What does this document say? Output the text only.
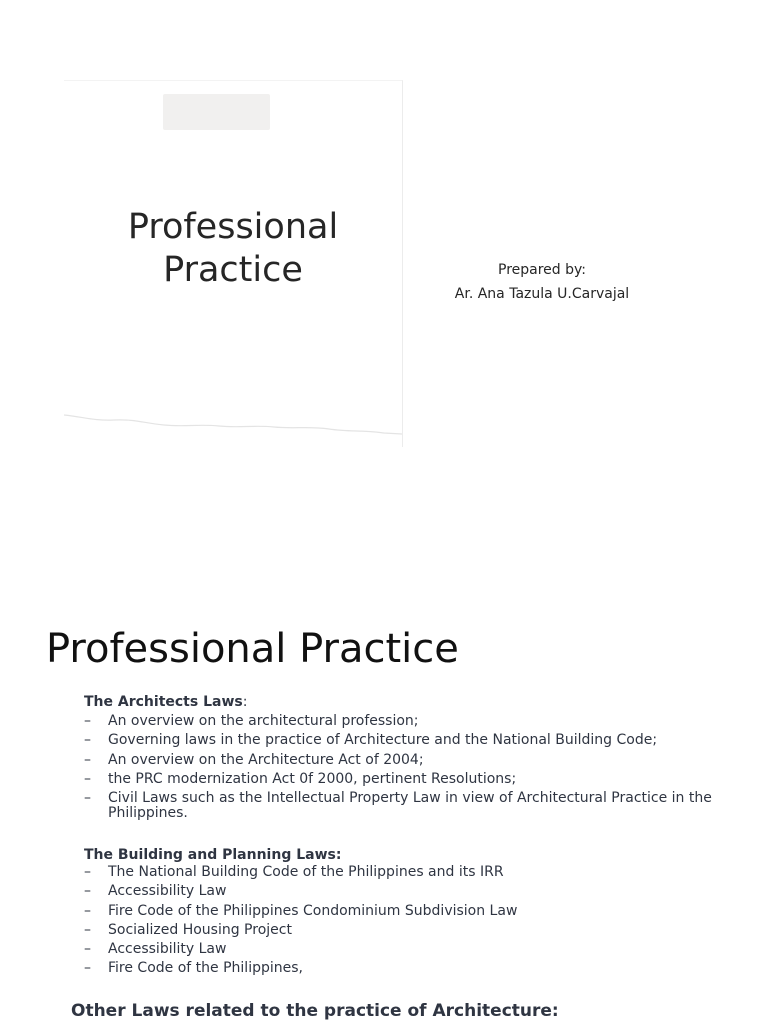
Professional
Practice	Prepared by:
Ar. Ana Tazula U.Carvajal
Professional Practice
The Architects Laws:
– An overview on the architectural profession;
– Governing laws in the practice of Architecture and the National Building Code;
– An overview on the Architecture Act of 2004;
– the PRC modernization Act 0f 2000, pertinent Resolutions;
– Civil Laws such as the Intellectual Property Law in view of Architectural Practice in the Philippines.
The Building and Planning Laws:
– The National Building Code of the Philippines and its IRR
– Accessibility Law
– Fire Code of the Philippines Condominium Subdivision Law
– Socialized Housing Project
– Accessibility Law
– Fire Code of the Philippines,
Other Laws related to the practice of Architecture:
